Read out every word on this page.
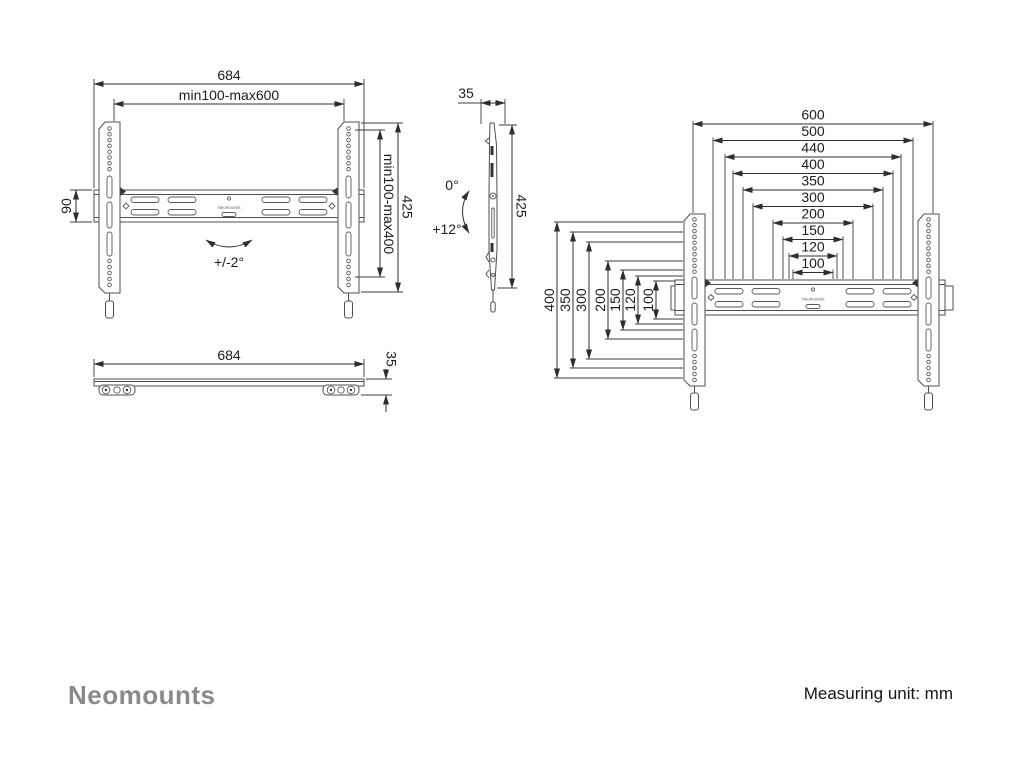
Neomounts
684
min100-max600
90	min100-max400 425
+/-2°
35
0°
+12°
425
684	35
600
500
440
400
350
300
200
150
120
100
400 350 300 200 150 120 100	Neomounts
Neomounts	Measuring unit: mm
